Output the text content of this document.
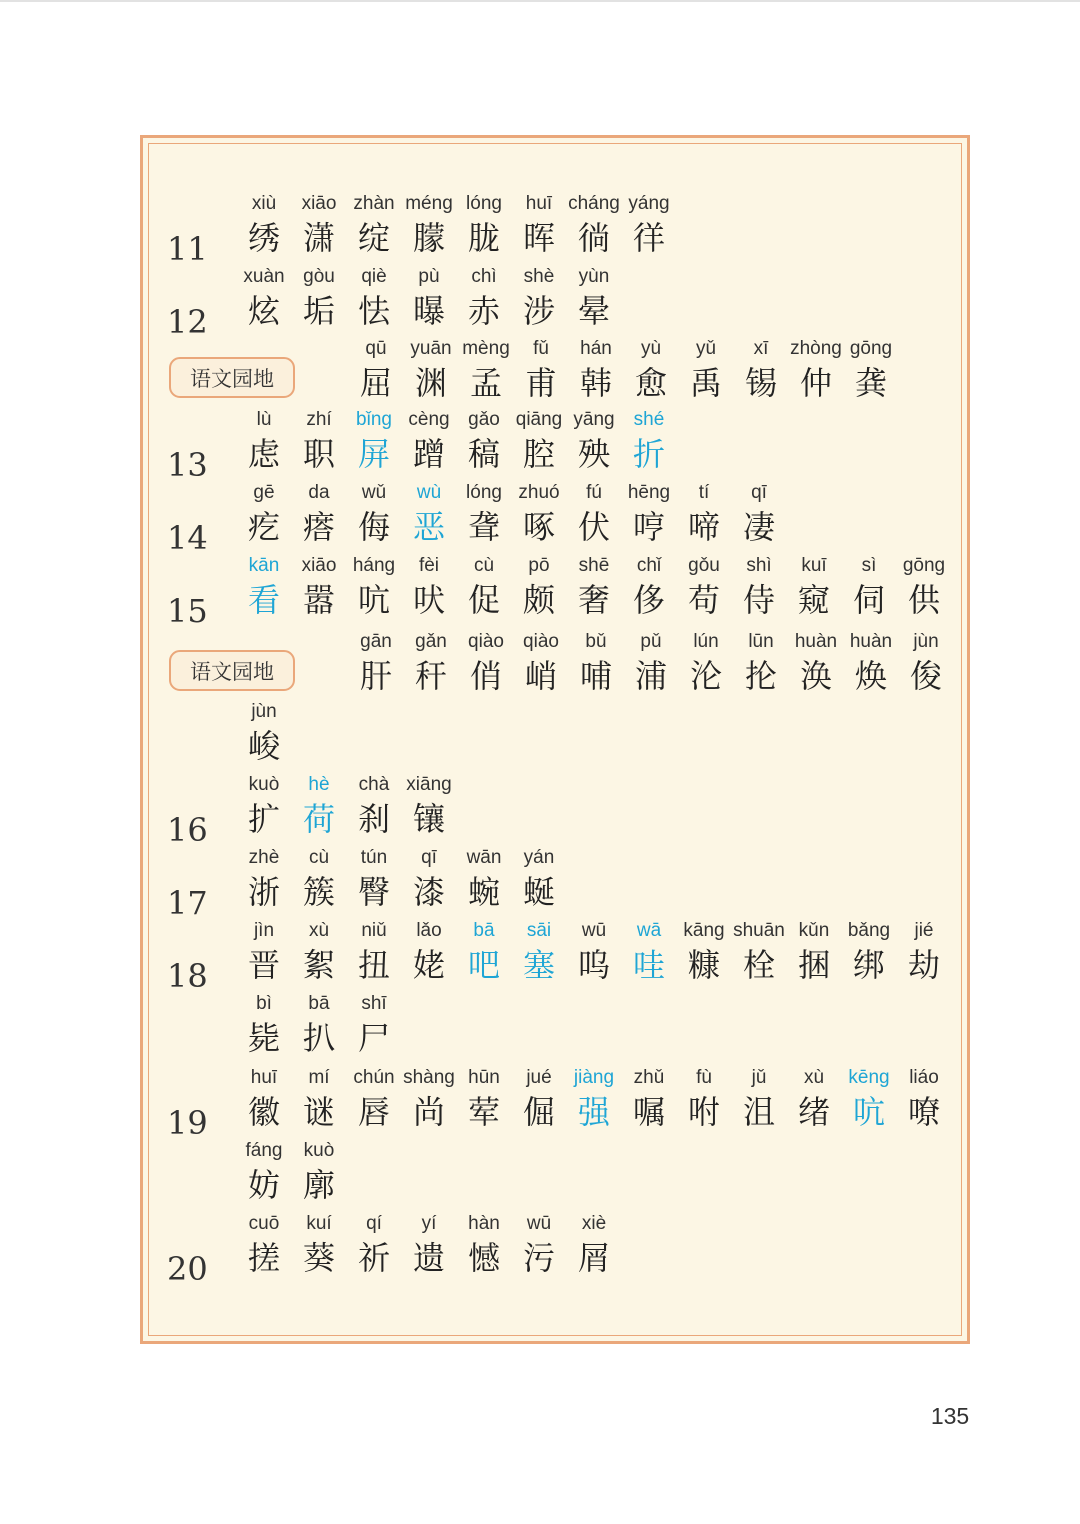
11
xiù
绣
xiāo
潇
zhàn
绽
méng
朦
lóng
胧
huī
晖
cháng
徜
yáng
徉
12
xuàn
炫
gòu
垢
qiè
怯
pù
曝
chì
赤
shè
涉
yùn
晕
语文园地
qū
屈
yuān
渊
mèng
孟
fǔ
甫
hán
韩
yù
愈
yǔ
禹
xī
锡
zhòng
仲
gōng
龚
13
lù
虑
zhí
职
bǐng
屏
cèng
蹭
gǎo
稿
qiāng
腔
yāng
殃
shé
折
14
gē
疙
da
瘩
wǔ
侮
wù
恶
lóng
聋
zhuó
啄
fú
伏
hēng
哼
tí
啼
qī
凄
15
kān
看
xiāo
嚣
háng
吭
fèi
吠
cù
促
pō
颇
shē
奢
chǐ
侈
gǒu
苟
shì
侍
kuī
窥
sì
伺
gōng
供
语文园地
gān
肝
gǎn
秆
qiào
俏
qiào
峭
bǔ
哺
pǔ
浦
lún
沦
lūn
抡
huàn
涣
huàn
焕
jùn
俊
jùn
峻
16
kuò
扩
hè
荷
chà
刹
xiāng
镶
17
zhè
浙
cù
簇
tún
臀
qī
漆
wān
蜿
yán
蜒
18
jìn
晋
xù
絮
niǔ
扭
lǎo
姥
bā
吧
sāi
塞
wū
呜
wā
哇
kāng
糠
shuān
栓
kǔn
捆
bǎng
绑
jié
劫
bì
毙
bā
扒
shī
尸
19
huī
徽
mí
谜
chún
唇
shàng
尚
hūn
荤
jué
倔
jiàng
强
zhǔ
嘱
fù
咐
jǔ
沮
xù
绪
kēng
吭
liáo
嘹
fáng
妨
kuò
廓
20
cuō
搓
kuí
葵
qí
祈
yí
遗
hàn
憾
wū
污
xiè
屑
135
